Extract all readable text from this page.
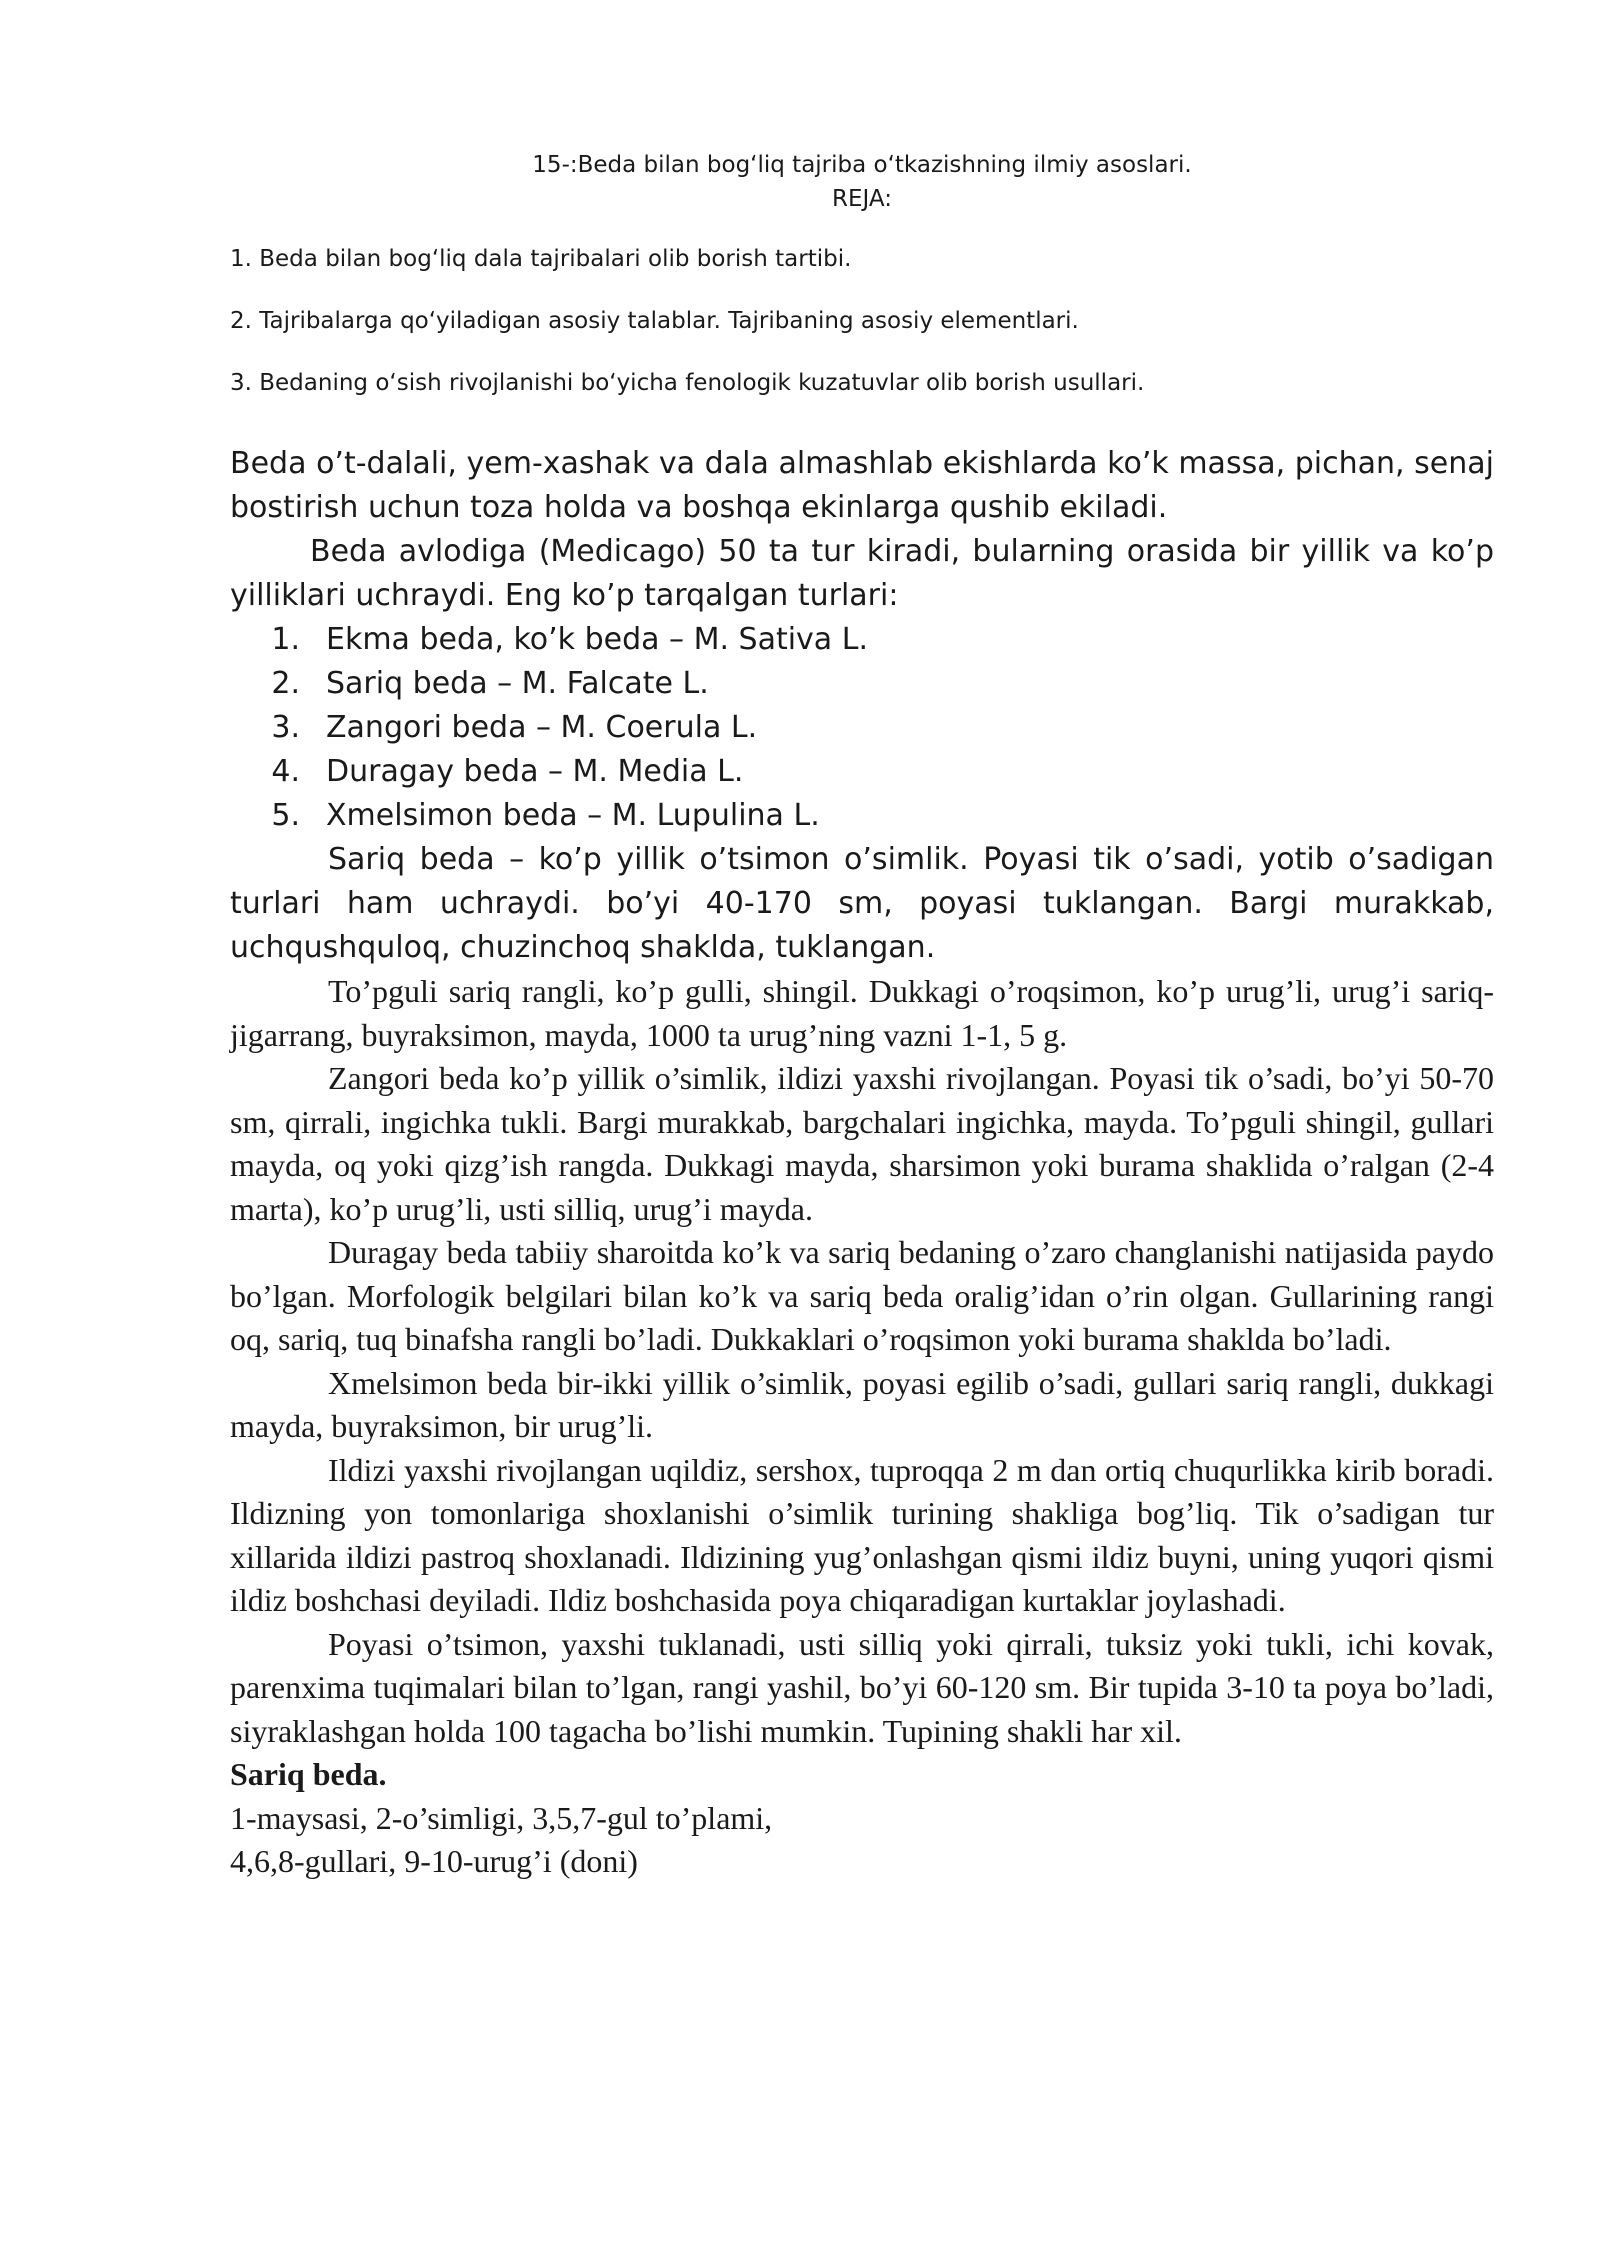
15-:Beda bilan bogʻliq tajriba oʻtkazishning ilmiy asoslari.

REJA:

1. Beda bilan bogʻliq dala tajribalari olib borish tartibi.

2. Tajribalarga qoʻyiladigan asosiy talablar. Tajribaning asosiy elementlari.

3. Bedaning oʻsish rivojlanishi boʻyicha fenologik kuzatuvlar olib borish usullari.

Beda o’t-dalali, yem-xashak va dala almashlab ekishlarda ko’k massa, pichan, senaj bostirish uchun toza holda va boshqa ekinlarga qushib ekiladi.

Beda avlodiga (Medicago) 50 ta tur kiradi, bularning orasida bir yillik va ko’p yilliklari uchraydi. Eng ko’p tarqalgan turlari:

1. Ekma beda, ko’k beda – M. Sativa L.
2. Sariq beda – M. Falcate L.
3. Zangori beda – M. Coerula L.
4. Duragay beda – M. Media L.
5. Xmelsimon beda – M. Lupulina L.

Sariq beda – ko’p yillik o’tsimon o’simlik. Poyasi tik o’sadi, yotib o’sadigan turlari ham uchraydi. bo’yi 40-170 sm, poyasi tuklangan. Bargi murakkab, uchqushquloq, chuzinchoq shaklda, tuklangan.

To’pguli sariq rangli, ko’p gulli, shingil. Dukkagi o’roqsimon, ko’p urug’li, urug’i sariq-jigarrang, buyraksimon, mayda, 1000 ta urug’ning vazni 1-1, 5 g.

Zangori beda ko’p yillik o’simlik, ildizi yaxshi rivojlangan. Poyasi tik o’sadi, bo’yi 50-70 sm, qirrali, ingichka tukli. Bargi murakkab, bargchalari ingichka, mayda. To’pguli shingil, gullari mayda, oq yoki qizg’ish rangda. Dukkagi mayda, sharsimon yoki burama shaklida o’ralgan (2-4 marta), ko’p urug’li, usti silliq, urug’i mayda.

Duragay beda tabiiy sharoitda ko’k va sariq bedaning o’zaro changlanishi natijasida paydo bo’lgan. Morfologik belgilari bilan ko’k va sariq beda oralig’idan o’rin olgan. Gullarining rangi oq, sariq, tuq binafsha rangli bo’ladi. Dukkaklari o’roqsimon yoki burama shaklda bo’ladi.

Xmelsimon beda bir-ikki yillik o’simlik, poyasi egilib o’sadi, gullari sariq rangli, dukkagi mayda, buyraksimon, bir urug’li.

Ildizi yaxshi rivojlangan uqildiz, sershox, tuproqqa 2 m dan ortiq chuqurlikka kirib boradi. Ildizning yon tomonlariga shoxlanishi o’simlik turining shakliga bog’liq. Tik o’sadigan tur xillarida ildizi pastroq shoxlanadi. Ildizining yug’onlashgan qismi ildiz buyni, uning yuqori qismi ildiz boshchasi deyiladi. Ildiz boshchasida poya chiqaradigan kurtaklar joylashadi.

Poyasi o’tsimon, yaxshi tuklanadi, usti silliq yoki qirrali, tuksiz yoki tukli, ichi kovak, parenxima tuqimalari bilan to’lgan, rangi yashil, bo’yi 60-120 sm. Bir tupida 3-10 ta poya bo’ladi, siyraklashgan holda 100 tagacha bo’lishi mumkin. Tupining shakli har xil.

Sariq beda.

1-maysasi, 2-o’simligi, 3,5,7-gul to’plami,

4,6,8-gullari, 9-10-urug’i (doni)
